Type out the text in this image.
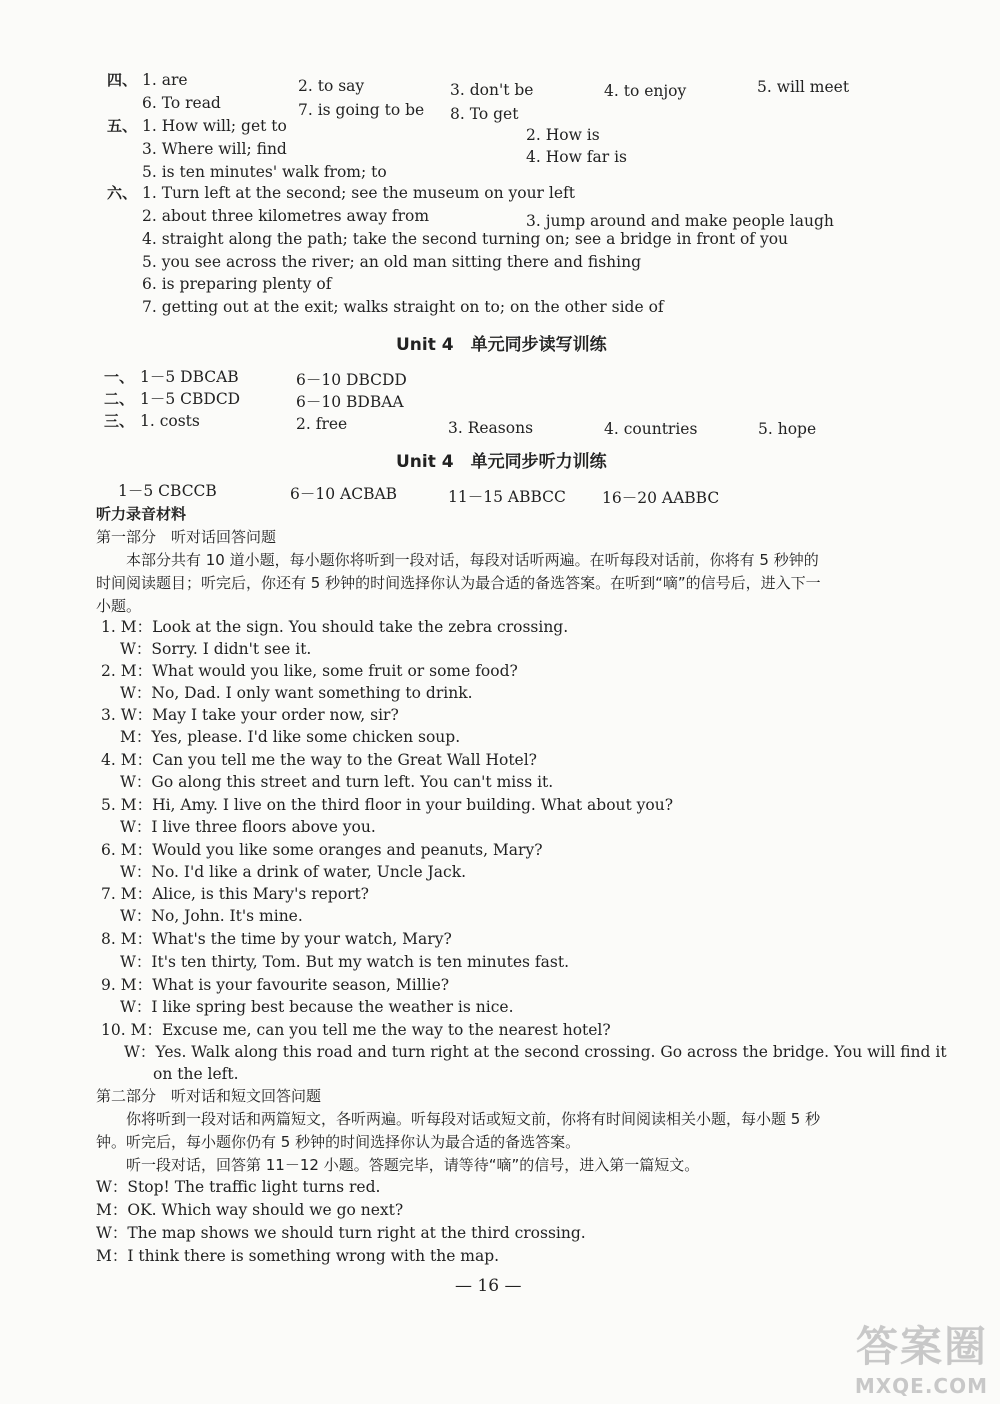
四、 1. are	2. to say	3. don't be	4. to enjoy	5. will meet
6. To read	7. is going to be 8. To get
五、 1. How will; get to	2. How is
3. Where will; find	4. How far is
5. is ten minutes' walk from; to
六、 1. Turn left at the second; see the museum on your left
2. about three kilometres away from	3. jump around and make people laugh
4. straight along the path; take the second turning on; see a bridge in front of you
5. you see across the river; an old man sitting there and fishing
6. is preparing plenty of
7. getting out at the exit; walks straight on to; on the other side of
Unit 4　单元同步读写训练
一、 1－5 DBCAB	6－10 DBCDD
二、 1－5 CBDCD	6－10 BDBAA
三、 1. costs	2. free	3. Reasons	4. countries	5. hope
Unit 4　单元同步听力训练
1－5 CBCCB	6－10 ACBAB	11－15 ABBCC 16－20 AABBC
听力录音材料
第一部分　听对话回答问题
本部分共有 10 道小题，每小题你将听到一段对话，每段对话听两遍。在听每段对话前，你将有 5 秒钟的
时间阅读题目；听完后，你还有 5 秒钟的时间选择你认为最合适的备选答案。在听到“嘀”的信号后，进入下一
小题。
1. M：Look at the sign. You should take the zebra crossing.
W：Sorry. I didn't see it.
2. M：What would you like, some fruit or some food?
W：No, Dad. I only want something to drink.
3. W：May I take your order now, sir?
M：Yes, please. I'd like some chicken soup.
4. M：Can you tell me the way to the Great Wall Hotel?
W：Go along this street and turn left. You can't miss it.
5. M：Hi, Amy. I live on the third floor in your building. What about you?
W：I live three floors above you.
6. M：Would you like some oranges and peanuts, Mary?
W：No. I'd like a drink of water, Uncle Jack.
7. M：Alice, is this Mary's report?
W：No, John. It's mine.
8. M：What's the time by your watch, Mary?
W：It's ten thirty, Tom. But my watch is ten minutes fast.
9. M：What is your favourite season, Millie?
W：I like spring best because the weather is nice.
10. M：Excuse me, can you tell me the way to the nearest hotel?
W：Yes. Walk along this road and turn right at the second crossing. Go across the bridge. You will find it
on the left.
第二部分　听对话和短文回答问题
你将听到一段对话和两篇短文，各听两遍。听每段对话或短文前，你将有时间阅读相关小题，每小题 5 秒
钟。听完后，每小题你仍有 5 秒钟的时间选择你认为最合适的备选答案。
听一段对话，回答第 11－12 小题。答题完毕，请等待“嘀”的信号，进入第一篇短文。
W：Stop! The traffic light turns red.
M：OK. Which way should we go next?
W：The map shows we should turn right at the third crossing.
M：I think there is something wrong with the map.
— 16 —
答案圈
MXQE.COM
